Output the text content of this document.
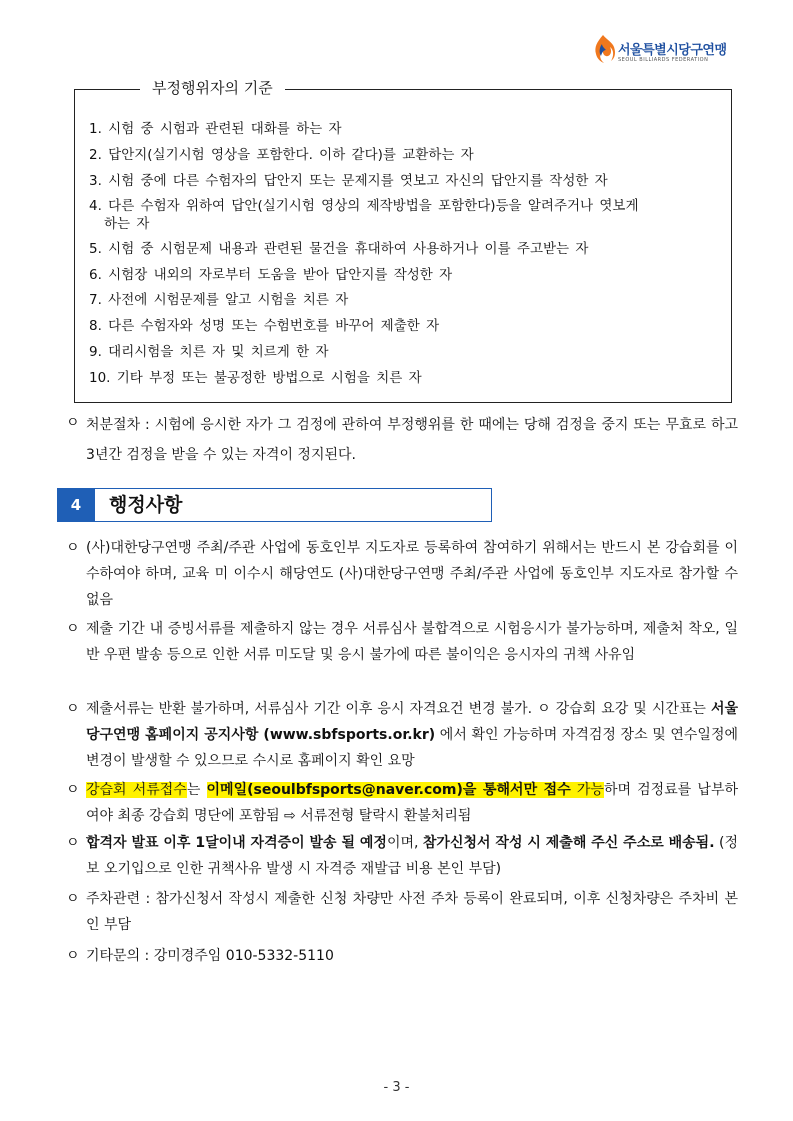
서울특별시당구연맹
SEOUL BILLIARDS FEDERATION
1. 시험 중 시험과 관련된 대화를 하는 자
2. 답안지(실기시험 영상을 포함한다. 이하 같다)를 교환하는 자
3. 시험 중에 다른 수험자의 답안지 또는 문제지를 엿보고 자신의 답안지를 작성한 자
4. 다른 수험자 위하여 답안(실기시험 영상의 제작방법을 포함한다)등을 알려주거나 엿보게
하는 자
5. 시험 중 시험문제 내용과 관련된 물건을 휴대하여 사용하거나 이를 주고받는 자
6. 시험장 내외의 자로부터 도움을 받아 답안지를 작성한 자
7. 사전에 시험문제를 알고 시험을 치른 자
8. 다른 수험자와 성명 또는 수험번호를 바꾸어 제출한 자
9. 대리시험을 치른 자 및 치르게 한 자
10. 기타 부정 또는 불공정한 방법으로 시험을 치른 자
부정행위자의 기준
ㅇ 처분절차 : 시험에 응시한 자가 그 검정에 관하여 부정행위를 한 때에는 당해 검정을 중지 또는 무효로 하고 3년간 검정을 받을 수 있는 자격이 정지된다.
4	행정사항
ㅇ (사)대한당구연맹 주최/주관 사업에 동호인부 지도자로 등록하여 참여하기 위해서는 반드시 본 강습회를 이수하여야 하며, 교육 미 이수시 해당연도 (사)대한당구연맹 주최/주관 사업에 동호인부 지도자로 참가할 수 없음
ㅇ 제출 기간 내 증빙서류를 제출하지 않는 경우 서류심사 불합격으로 시험응시가 불가능하며, 제출처 착오, 일반 우편 발송 등으로 인한 서류 미도달 및 응시 불가에 따른 불이익은 응시자의 귀책 사유임
ㅇ 제출서류는 반환 불가하며, 서류심사 기간 이후 응시 자격요건 변경 불가. ㅇ 강습회 요강 및 시간표는 서울당구연맹 홈페이지 공지사항 (www.sbfsports.or.kr) 에서 확인 가능하며 자격검정 장소 및 연수일정에 변경이 발생할 수 있으므로 수시로 홈페이지 확인 요망
ㅇ 강습회 서류접수는 이메일(seoulbfsports@naver.com)을 통해서만 접수 가능하며 검정료를 납부하여야 최종 강습회 명단에 포함됨 ⇨ 서류전형 탈락시 환불처리됨
ㅇ 합격자 발표 이후 1달이내 자격증이 발송 될 예정이며, 참가신청서 작성 시 제출해 주신 주소로 배송됨. (정보 오기입으로 인한 귀책사유 발생 시 자격증 재발급 비용 본인 부담)
ㅇ 주차관련 : 참가신청서 작성시 제출한 신청 차량만 사전 주차 등록이 완료되며, 이후 신청차량은 주차비 본인 부담
ㅇ 기타문의 : 강미경주임 010-5332-5110
- 3 -
